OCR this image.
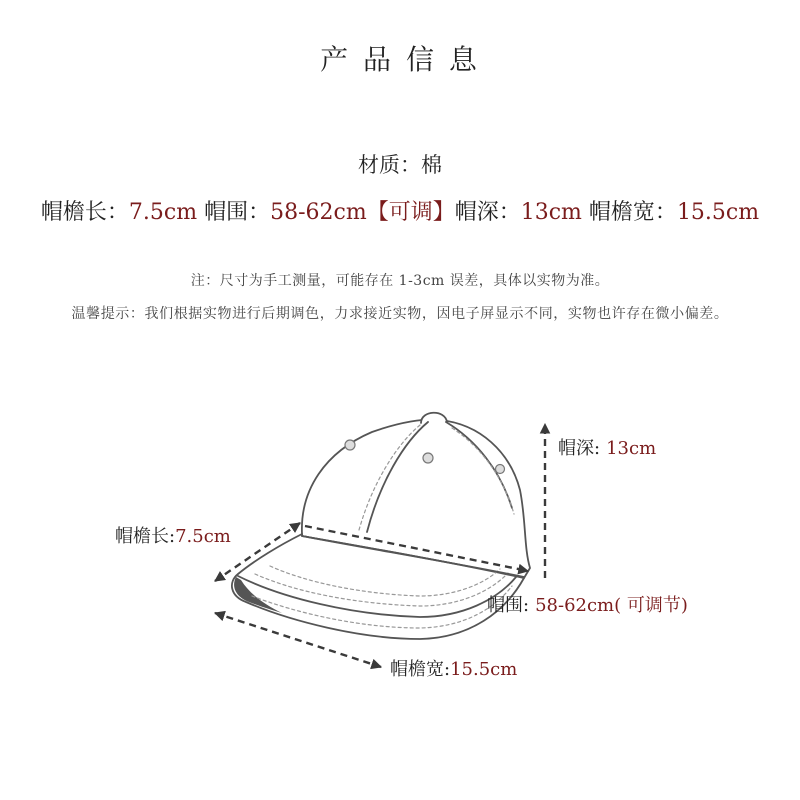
产 品 信 息
材质：棉
帽檐长：7.5cm 帽围：58-62cm【可调】帽深：13cm 帽檐宽：15.5cm
注：尺寸为手工测量，可能存在 1-3cm 误差，具体以实物为准。
温馨提示：我们根据实物进行后期调色，力求接近实物，因电子屏显示不同，实物也许存在微小偏差。
帽深: 13cm
帽檐长:7.5cm
帽围: 58-62cm( 可调节)
帽檐宽:15.5cm
